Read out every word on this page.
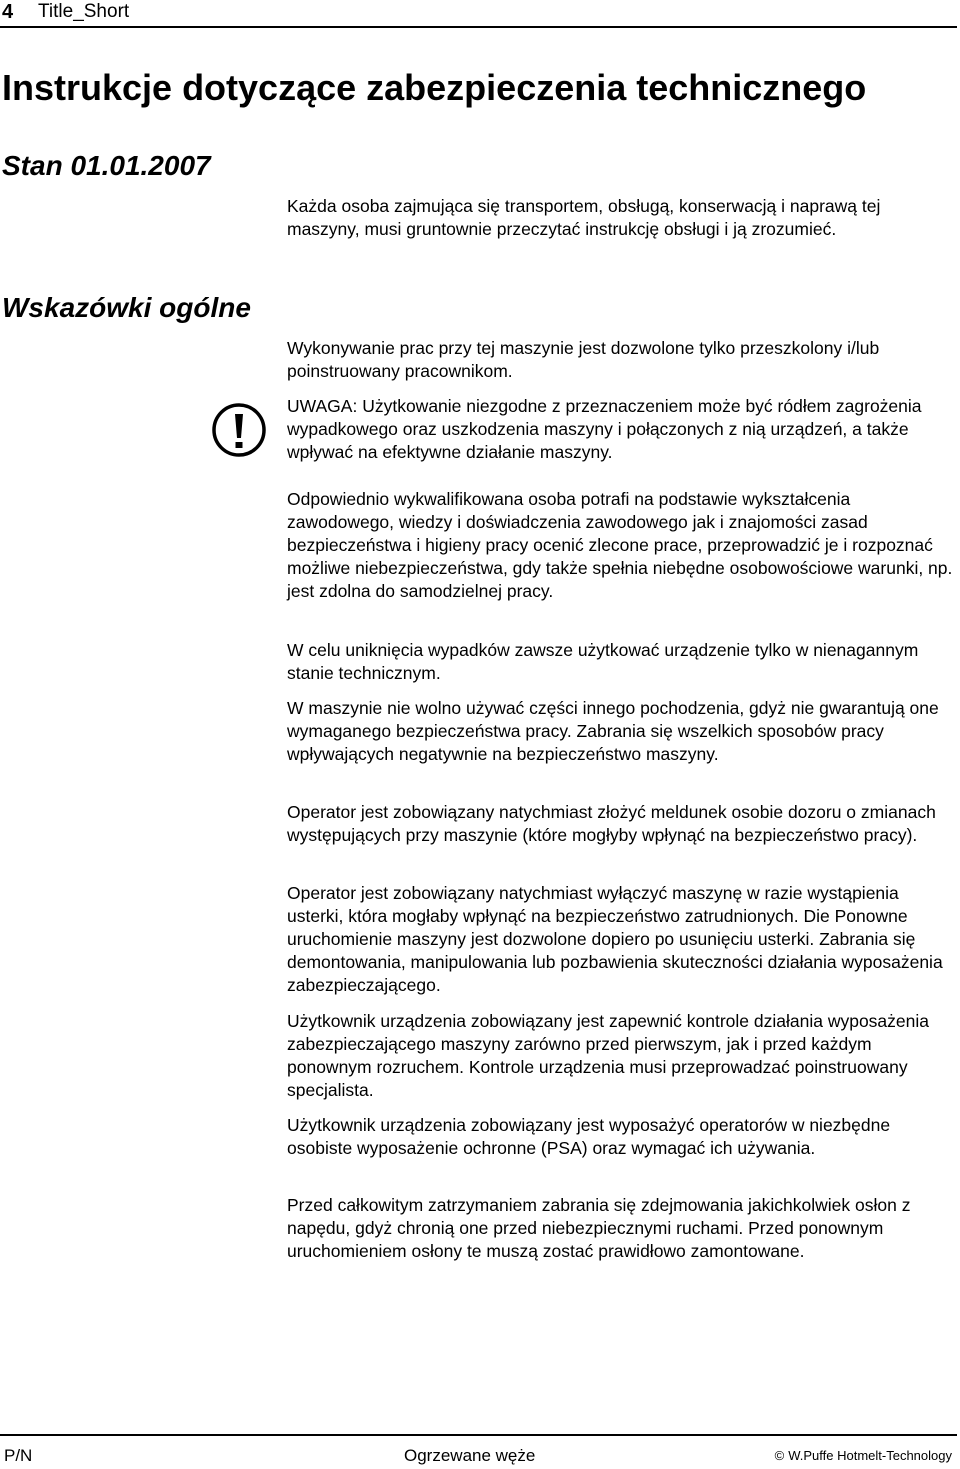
4 Title_Short
Instrukcje dotyczące zabezpieczenia technicznego
Stan 01.01.2007

Każda osoba zajmująca się transportem, obsługą, konserwacją i naprawą tej maszyny, musi gruntownie przeczytać instrukcję obsługi i ją zrozumieć.

Wskazówki ogólne

Wykonywanie prac przy tej maszynie jest dozwolone tylko przeszkolony i/lub poinstruowany pracownikom.

UWAGA: Użytkowanie niezgodne z przeznaczeniem może być ródłem zagrożenia wypadkowego oraz uszkodzenia maszyny i połączonych z nią urządzeń, a także wpływać na efektywne działanie maszyny.

Odpowiednio wykwalifikowana osoba potrafi na podstawie wykształcenia zawodowego, wiedzy i doświadczenia zawodowego jak i znajomości zasad bezpieczeństwa i higieny pracy ocenić zlecone prace, przeprowadzić je i rozpoznać możliwe niebezpieczeństwa, gdy także spełnia niebędne osobowościowe warunki, np. jest zdolna do samodzielnej pracy.

W celu uniknięcia wypadków zawsze użytkować urządzenie tylko w nienagannym stanie technicznym.

W maszynie nie wolno używać części innego pochodzenia, gdyż nie gwarantują one wymaganego bezpieczeństwa pracy. Zabrania się wszelkich sposobów pracy wpływających negatywnie na bezpieczeństwo maszyny.

Operator jest zobowiązany natychmiast złożyć meldunek osobie dozoru o zmianach występujących przy maszynie (które mogłyby wpłynąć na bezpieczeństwo pracy).

Operator jest zobowiązany natychmiast wyłączyć maszynę w razie wystąpienia usterki, która mogłaby wpłynąć na bezpieczeństwo zatrudnionych. Die Ponowne uruchomienie maszyny jest dozwolone dopiero po usunięciu usterki. Zabrania się demontowania, manipulowania lub pozbawienia skuteczności działania wyposażenia zabezpieczającego.

Użytkownik urządzenia zobowiązany jest zapewnić kontrole działania wyposażenia zabezpieczającego maszyny zarówno przed pierwszym, jak i przed każdym ponownym rozruchem. Kontrole urządzenia musi przeprowadzać poinstruowany specjalista.

Użytkownik urządzenia zobowiązany jest wyposażyć operatorów w niezbędne osobiste wyposażenie ochronne (PSA) oraz wymagać ich używania.

Przed całkowitym zatrzymaniem zabrania się zdejmowania jakichkolwiek osłon z napędu, gdyż chronią one przed niebezpiecznymi ruchami. Przed ponownym uruchomieniem osłony te muszą zostać prawidłowo zamontowane.

P/N	Ogrzewane węże	© W.Puffe Hotmelt-Technology
